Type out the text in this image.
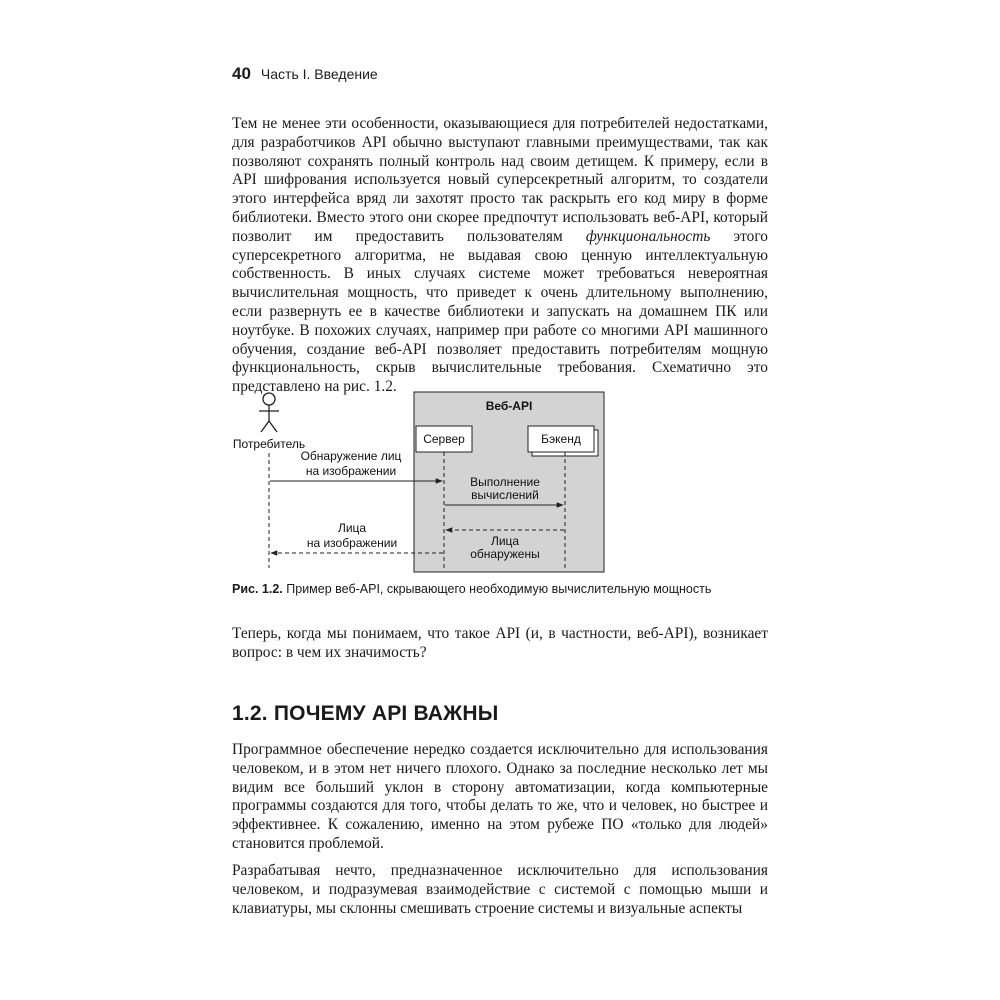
40 Часть I. Введение

Тем не менее эти особенности, оказывающиеся для потребителей недостатками, для разработчиков API обычно выступают главными преимуществами, так как позволяют сохранять полный контроль над своим детищем. К примеру, если в API шифрования используется новый суперсекретный алгоритм, то создатели этого интерфейса вряд ли захотят просто так раскрыть его код миру в форме библиотеки. Вместо этого они скорее предпочтут использовать веб-API, который позволит им предоставить пользователям функциональность этого суперсекретного алгоритма, не выдавая свою ценную интеллектуальную собственность. В иных случаях системе может требоваться невероятная вычислительная мощность, что приведет к очень длительному выполнению, если развернуть ее в качестве библиотеки и запускать на домашнем ПК или ноутбуке. В похожих случаях, например при работе со многими API машинного обучения, создание веб-API позволяет предоставить потребителям мощную функциональность, скрыв вычислительные требования. Схематично это представлено на рис. 1.2.

Веб-API
Потребитель	Сервер	Бэкенд
Обнаружение лиц
на изображении
Выполнение
вычислений
Лица
обнаружены
Лица
на изображении

Рис. 1.2. Пример веб-API, скрывающего необходимую вычислительную мощность

Теперь, когда мы понимаем, что такое API (и, в частности, веб-API), возникает вопрос: в чем их значимость?

1.2. ПОЧЕМУ API ВАЖНЫ

Программное обеспечение нередко создается исключительно для использования человеком, и в этом нет ничего плохого. Однако за последние несколько лет мы видим все больший уклон в сторону автоматизации, когда компьютерные программы создаются для того, чтобы делать то же, что и человек, но быстрее и эффективнее. К сожалению, именно на этом рубеже ПО «только для людей» становится проблемой.

Разрабатывая нечто, предназначенное исключительно для использования человеком, и подразумевая взаимодействие с системой с помощью мыши и клавиатуры, мы склонны смешивать строение системы и визуальные аспекты
